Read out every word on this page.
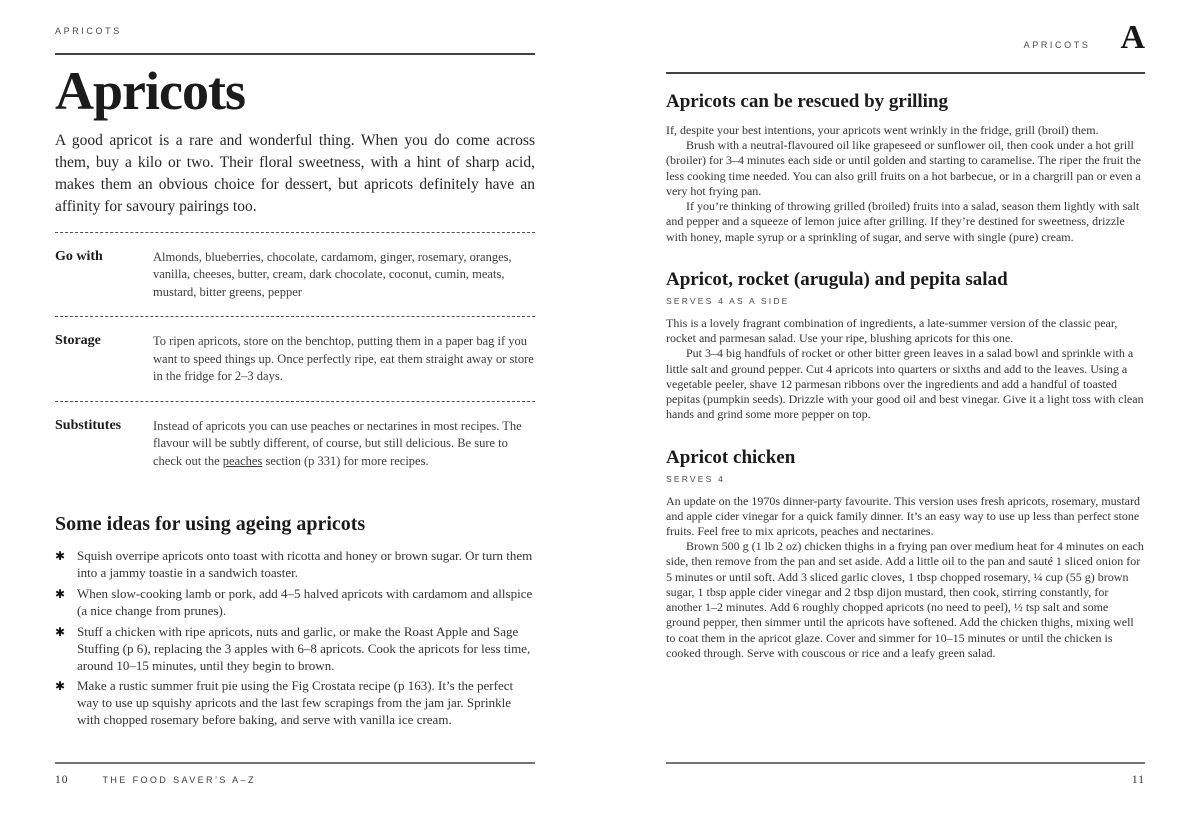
APRICOTS
Apricots

A good apricot is a rare and wonderful thing. When you do come across them, buy a kilo or two. Their floral sweetness, with a hint of sharp acid, makes them an obvious choice for dessert, but apricots definitely have an affinity for savoury pairings too.

Go with	Almonds, blueberries, chocolate, cardamom, ginger, rosemary, oranges, vanilla, cheeses, butter, cream, dark chocolate, coconut, cumin, meats, mustard, bitter greens, pepper
Storage	To ripen apricots, store on the benchtop, putting them in a paper bag if you want to speed things up. Once perfectly ripe, eat them straight away or store in the fridge for 2–3 days.
Substitutes	Instead of apricots you can use peaches or nectarines in most recipes. The flavour will be subtly different, of course, but still delicious. Be sure to check out the peaches section (p 331) for more recipes.
Some ideas for using ageing apricots
✱ Squish overripe apricots onto toast with ricotta and honey or brown sugar. Or turn them into a jammy toastie in a sandwich toaster.
✱ When slow-cooking lamb or pork, add 4–5 halved apricots with cardamom and allspice (a nice change from prunes).
✱ Stuff a chicken with ripe apricots, nuts and garlic, or make the Roast Apple and Sage Stuffing (p 6), replacing the 3 apples with 6–8 apricots. Cook the apricots for less time, around 10–15 minutes, until they begin to brown.
✱ Make a rustic summer fruit pie using the Fig Crostata recipe (p 163). It’s the perfect way to use up squishy apricots and the last few scrapings from the jam jar. Sprinkle with chopped rosemary before baking, and serve with vanilla ice cream.
10	THE FOOD SAVER’S A–Z
APRICOTS A
Apricots can be rescued by grilling

If, despite your best intentions, your apricots went wrinkly in the fridge, grill (broil) them.

Brush with a neutral-flavoured oil like grapeseed or sunflower oil, then cook under a hot grill (broiler) for 3–4 minutes each side or until golden and starting to caramelise. The riper the fruit the less cooking time needed. You can also grill fruits on a hot barbecue, or in a chargrill pan or even a very hot frying pan.

If you’re thinking of throwing grilled (broiled) fruits into a salad, season them lightly with salt and pepper and a squeeze of lemon juice after grilling. If they’re destined for sweetness, drizzle with honey, maple syrup or a sprinkling of sugar, and serve with single (pure) cream.

Apricot, rocket (arugula) and pepita salad
SERVES 4 AS A SIDE

This is a lovely fragrant combination of ingredients, a late-summer version of the classic pear, rocket and parmesan salad. Use your ripe, blushing apricots for this one.

Put 3–4 big handfuls of rocket or other bitter green leaves in a salad bowl and sprinkle with a little salt and ground pepper. Cut 4 apricots into quarters or sixths and add to the leaves. Using a vegetable peeler, shave 12 parmesan ribbons over the ingredients and add a handful of toasted pepitas (pumpkin seeds). Drizzle with your good oil and best vinegar. Give it a light toss with clean hands and grind some more pepper on top.

Apricot chicken
SERVES 4

An update on the 1970s dinner-party favourite. This version uses fresh apricots, rosemary, mustard and apple cider vinegar for a quick family dinner. It’s an easy way to use up less than perfect stone fruits. Feel free to mix apricots, peaches and nectarines.

Brown 500 g (1 lb 2 oz) chicken thighs in a frying pan over medium heat for 4 minutes on each side, then remove from the pan and set aside. Add a little oil to the pan and sauté 1 sliced onion for 5 minutes or until soft. Add 3 sliced garlic cloves, 1 tbsp chopped rosemary, ¼ cup (55 g) brown sugar, 1 tbsp apple cider vinegar and 2 tbsp dijon mustard, then cook, stirring constantly, for another 1–2 minutes. Add 6 roughly chopped apricots (no need to peel), ½ tsp salt and some ground pepper, then simmer until the apricots have softened. Add the chicken thighs, mixing well to coat them in the apricot glaze. Cover and simmer for 10–15 minutes or until the chicken is cooked through. Serve with couscous or rice and a leafy green salad.

11
